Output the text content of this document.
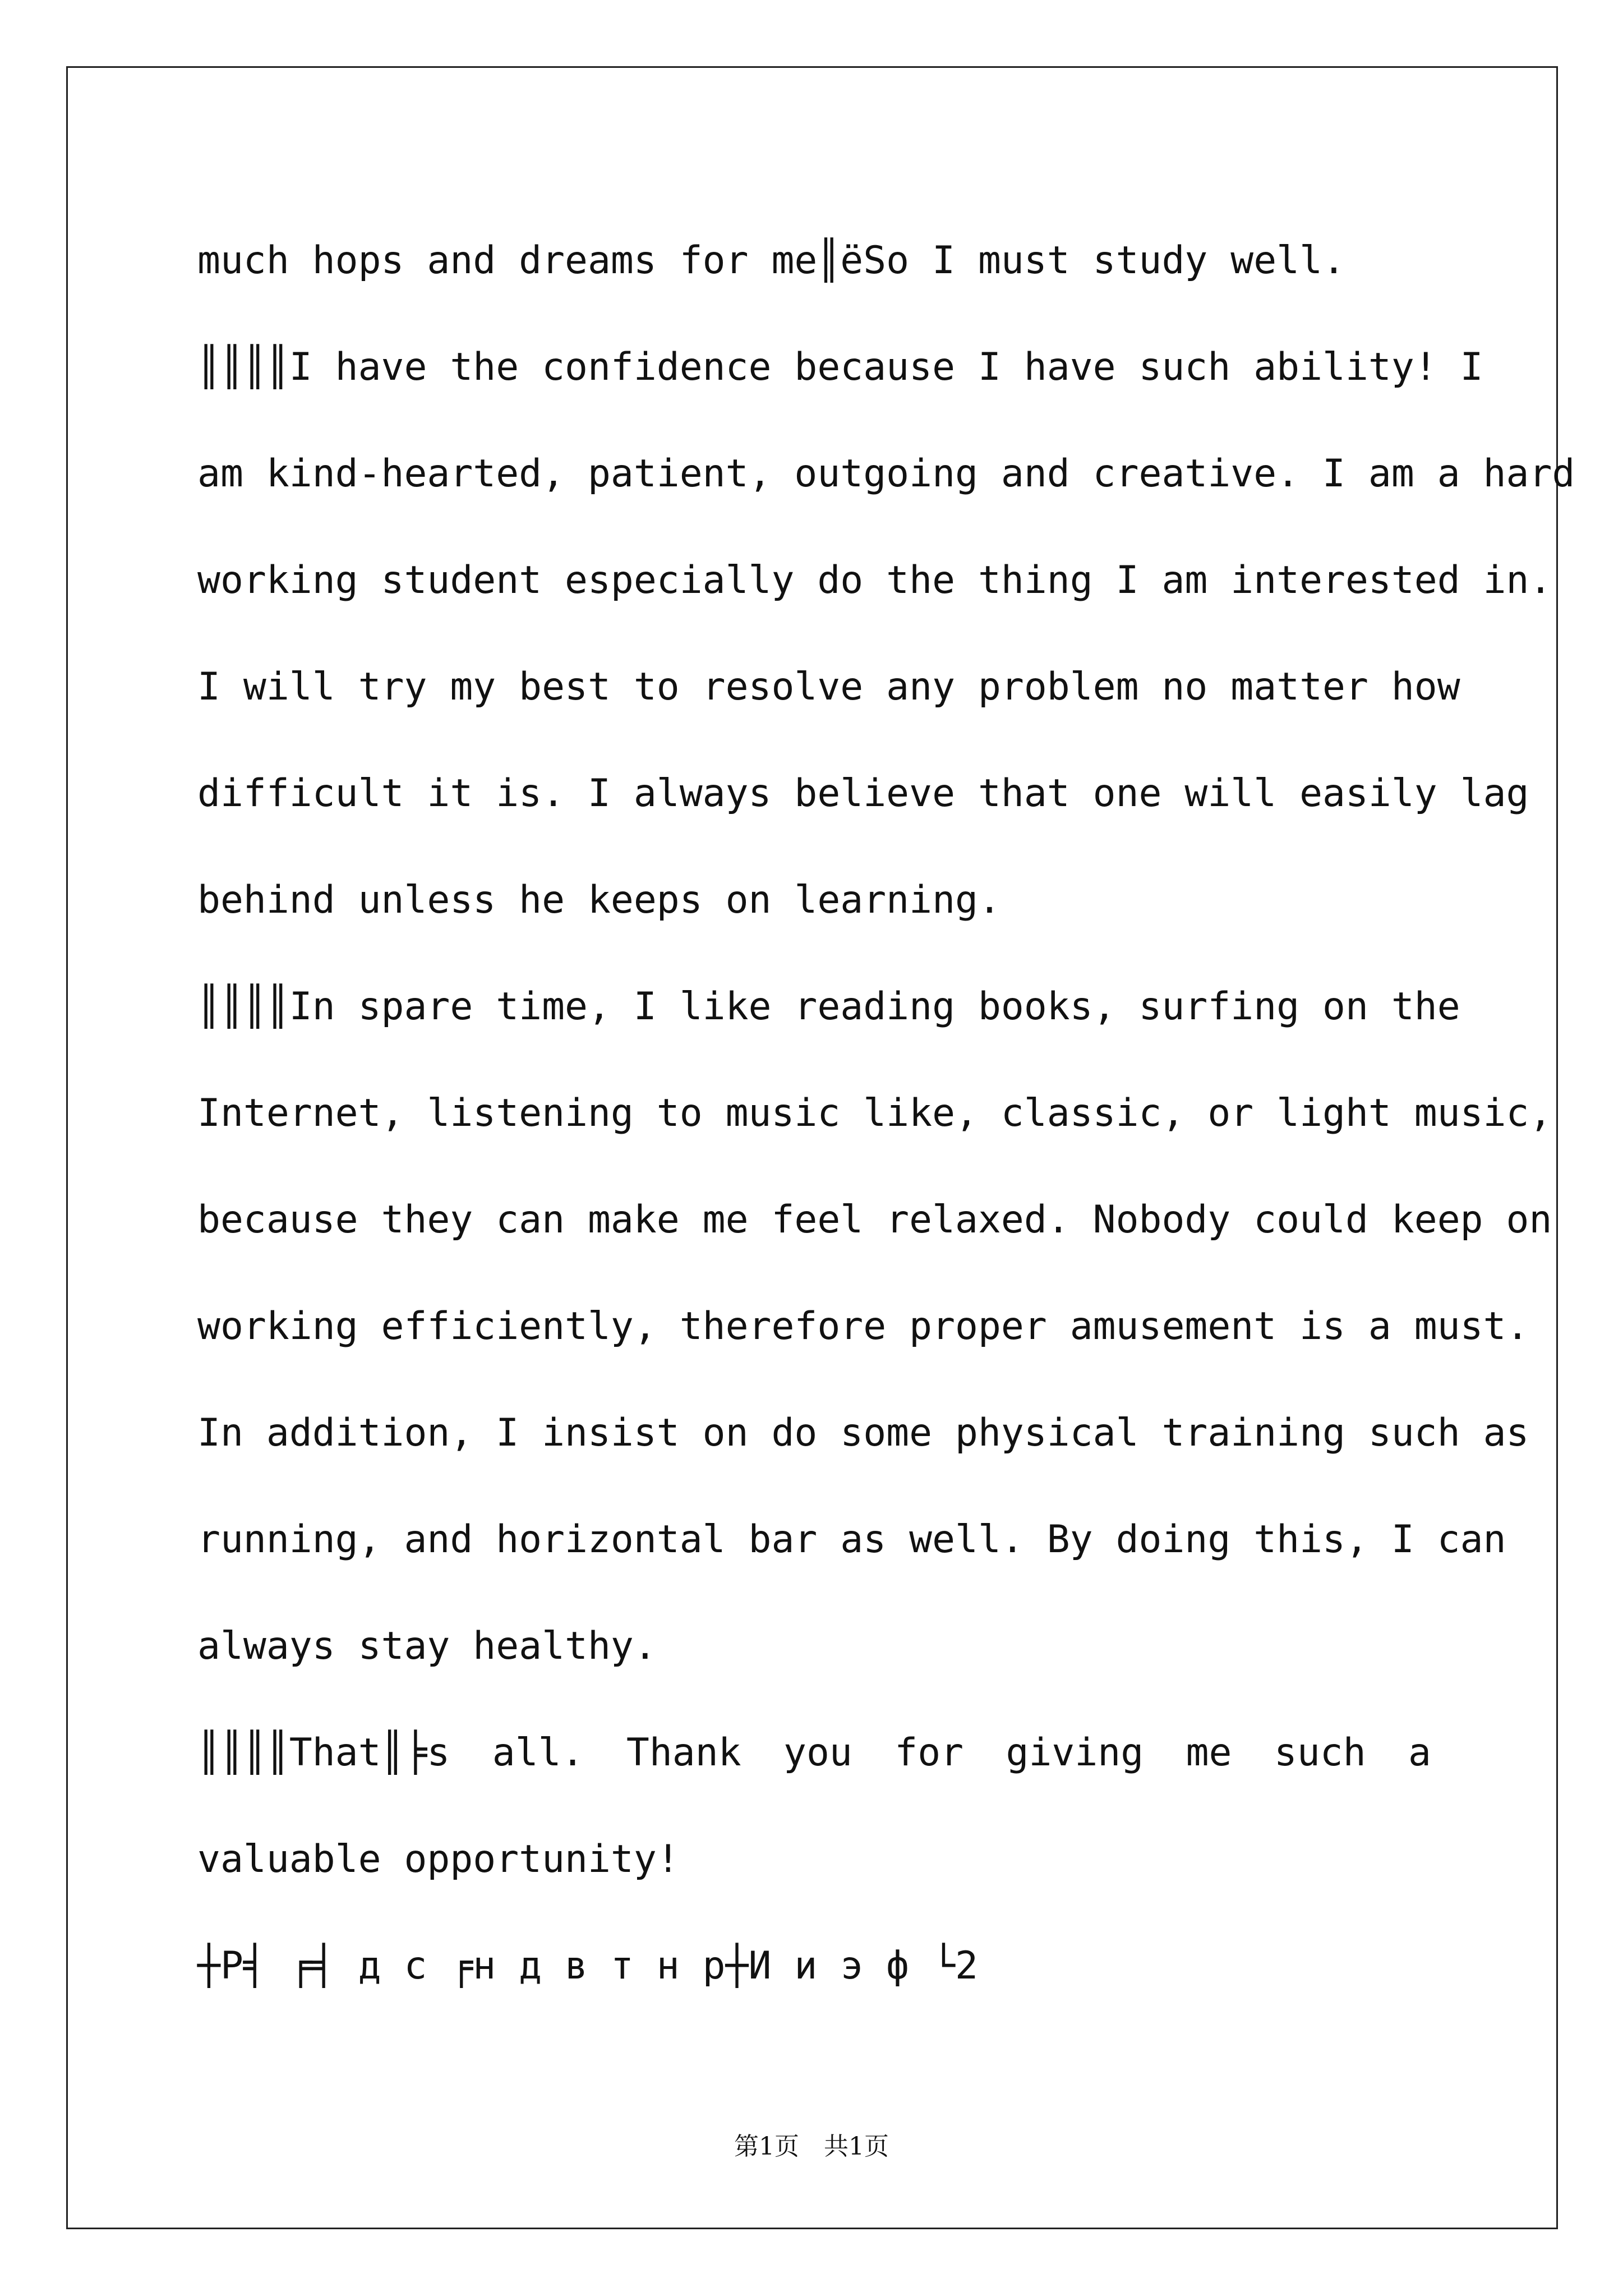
much hops and dreams for me║ëSo I must study well.
║║║║I have the confidence because I have such ability! I
am kind-hearted, patient, outgoing and creative. I am a hard
working student especially do the thing I am interested in.
I will try my best to resolve any problem no matter how
difficult it is. I always believe that one will easily lag
behind unless he keeps on learning.
║║║║In spare time, I like reading books, surfing on the
Internet, listening to music like, classic, or light music,
because they can make me feel relaxed. Nobody could keep on
working efficiently, therefore proper amusement is a must.
In addition, I insist on do some physical training such as
running, and horizontal bar as well. By doing this, I can
always stay healthy.
║║║║That║╞s all. Thank you for giving me such a
valuable opportunity!
┼P╡ ╒╡ д с ╒н д в т н р┼И и э ф └2
第1页　共1页
